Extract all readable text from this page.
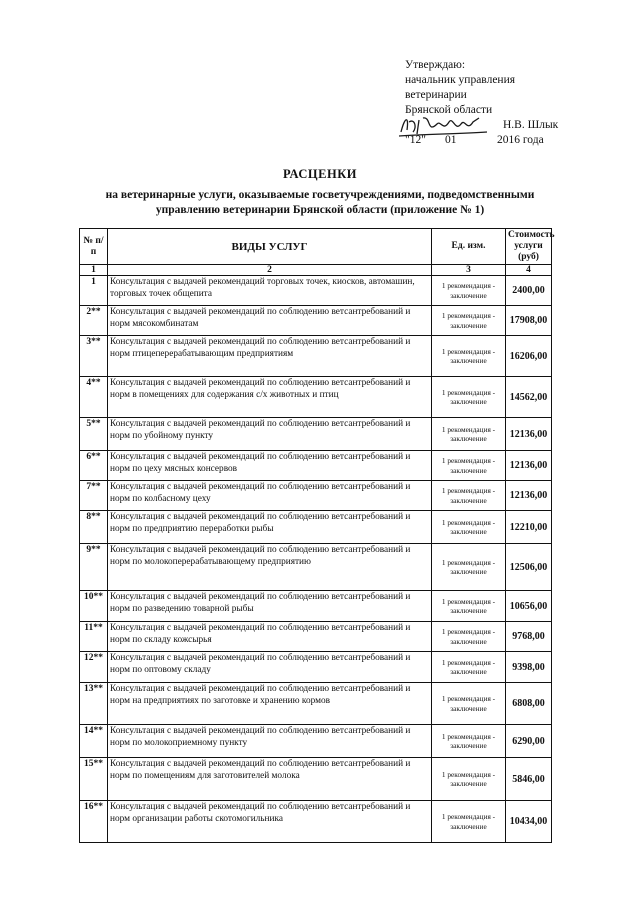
Утверждаю:
начальник управления
ветеринарии
Брянской области
Н.В. Шлык
"12" 01	2016 года
РАСЦЕНКИ
на ветеринарные услуги, оказываемые госветучреждениями, подведомственными
управлению ветеринарии Брянской области (приложение № 1)
№ п/п	ВИДЫ УСЛУГ	Ед. изм.	Стоимость услуги (руб)
1	2	3	4
1	Консультация с выдачей рекомендаций торговых точек, киосков, автомашин, торговых точек общепита	1 рекомендация - заключение	2400,00
2**	Консультация с выдачей рекомендаций по соблюдению ветсантребований и норм мясокомбинатам	1 рекомендация - заключение	17908,00
3**	Консультация с выдачей рекомендаций по соблюдению ветсантребований и норм птицеперерабатывающим предприятиям	1 рекомендация - заключение	16206,00
4**	Консультация с выдачей рекомендаций по соблюдению ветсантребований и норм в помещениях для содержания с/х животных и птиц	1 рекомендация - заключение	14562,00
5**	Консультация с выдачей рекомендаций по соблюдению ветсантребований и норм по убойному пункту	1 рекомендация - заключение	12136,00
6**	Консультация с выдачей рекомендаций по соблюдению ветсантребований и норм по цеху мясных консервов	1 рекомендация - заключение	12136,00
7**	Консультация с выдачей рекомендаций по соблюдению ветсантребований и норм по колбасному цеху	1 рекомендация - заключение	12136,00
8**	Консультация с выдачей рекомендаций по соблюдению ветсантребований и норм по предприятию переработки рыбы	1 рекомендация - заключение	12210,00
9**	Консультация с выдачей рекомендаций по соблюдению ветсантребований и норм по молокоперерабатывающему предприятию	1 рекомендация - заключение	12506,00
10**	Консультация с выдачей рекомендаций по соблюдению ветсантребований и норм по разведению товарной рыбы	1 рекомендация - заключение	10656,00
11**	Консультация с выдачей рекомендаций по соблюдению ветсантребований и норм по складу кожсырья	1 рекомендация - заключение	9768,00
12**	Консультация с выдачей рекомендаций по соблюдению ветсантребований и норм по оптовому складу	1 рекомендация - заключение	9398,00
13**	Консультация с выдачей рекомендаций по соблюдению ветсантребований и норм на предприятиях по заготовке и хранению кормов	1 рекомендация - заключение	6808,00
14**	Консультация с выдачей рекомендаций по соблюдению ветсантребований и норм по молокоприемному пункту	1 рекомендация - заключение	6290,00
15**	Консультация с выдачей рекомендаций по соблюдению ветсантребований и норм по помещениям для заготовителей молока	1 рекомендация - заключение	5846,00
16**	Консультация с выдачей рекомендаций по соблюдению ветсантребований и норм организации работы скотомогильника	1 рекомендация - заключение	10434,00
